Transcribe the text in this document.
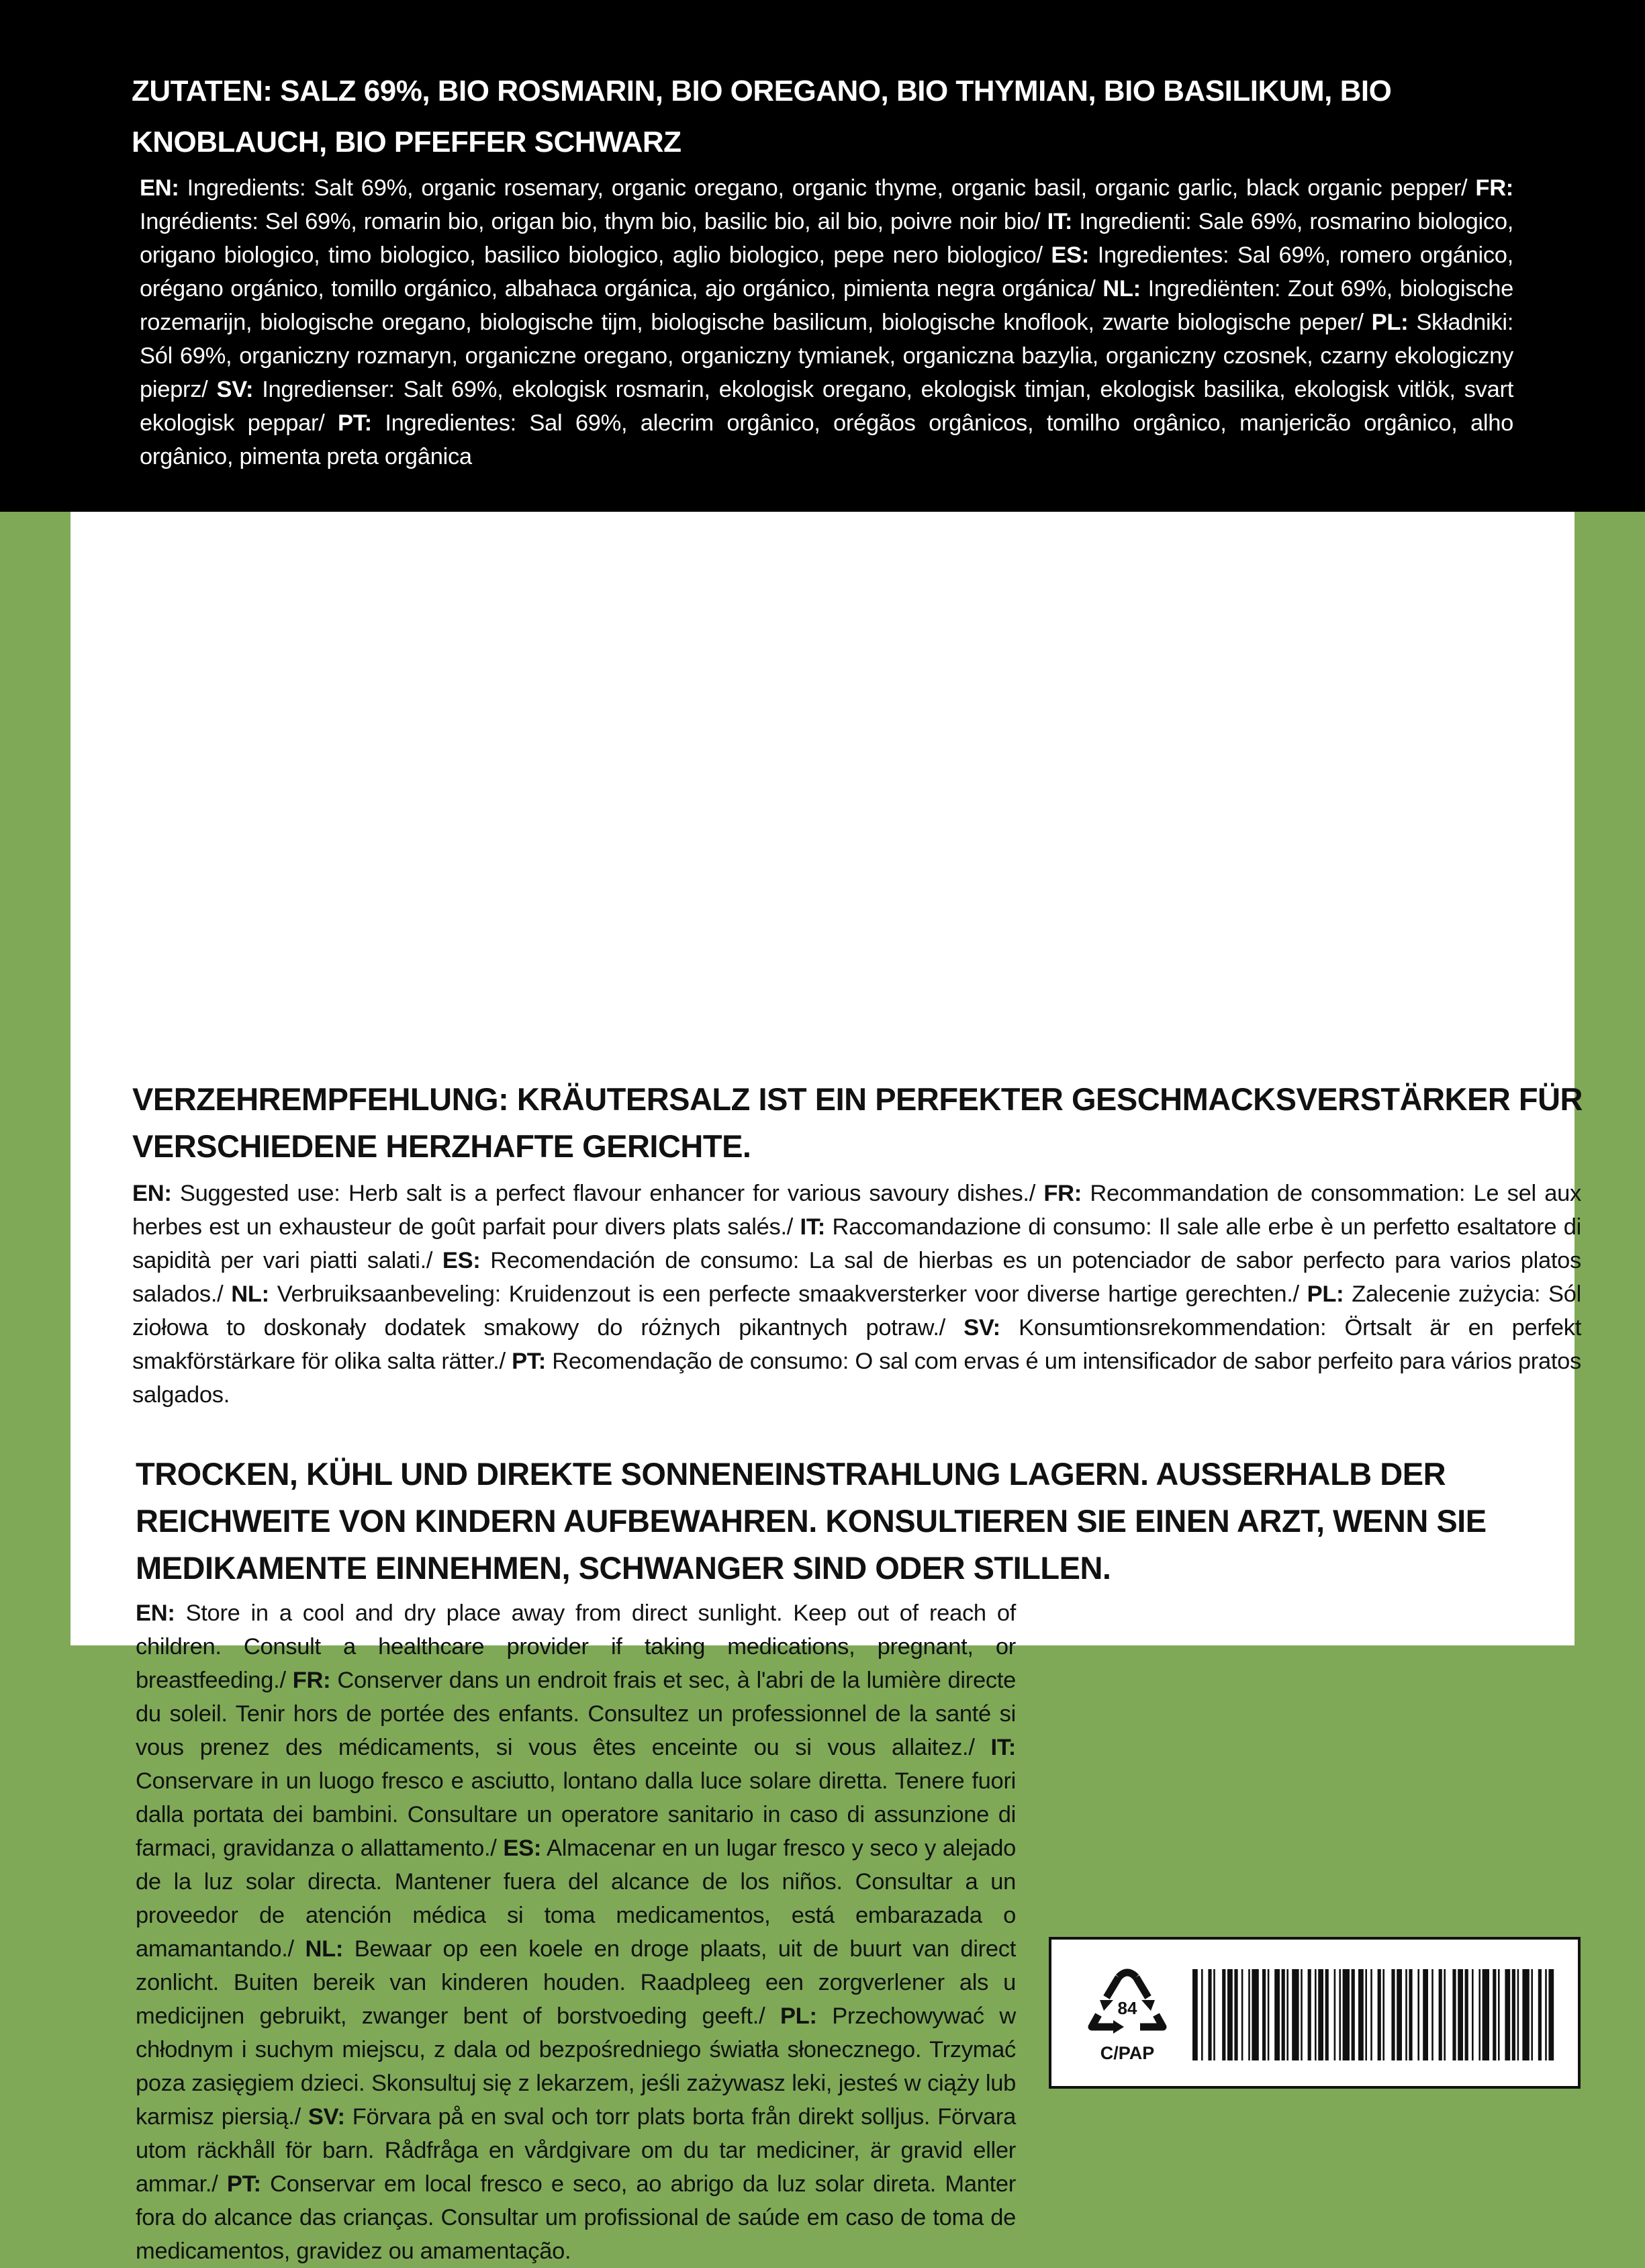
ZUTATEN: SALZ 69%, BIO ROSMARIN, BIO OREGANO, BIO THYMIAN, BIO BASILIKUM, BIO KNOBLAUCH, BIO PFEFFER SCHWARZ
EN: Ingredients: Salt 69%, organic rosemary, organic oregano, organic thyme, organic basil, organic garlic, black organic pepper/ FR: Ingrédients: Sel 69%, romarin bio, origan bio, thym bio, basilic bio, ail bio, poivre noir bio/ IT: Ingredienti: Sale 69%, rosmarino biologico, origano biologico, timo biologico, basilico biologico, aglio biologico, pepe nero biologico/ ES: Ingredientes: Sal 69%, romero orgánico, orégano orgánico, tomillo orgánico, albahaca orgánica, ajo orgánico, pimienta negra orgánica/ NL: Ingrediënten: Zout 69%, biologische rozemarijn, biologische oregano, biologische tijm, biologische basilicum, biologische knoflook, zwarte biologische peper/ PL: Składniki: Sól 69%, organiczny rozmaryn, organiczne oregano, organiczny tymianek, organiczna bazylia, organiczny czosnek, czarny ekologiczny pieprz/ SV: Ingredienser: Salt 69%, ekologisk rosmarin, ekologisk oregano, ekologisk timjan, ekologisk basilika, ekologisk vitlök, svart ekologisk peppar/ PT: Ingredientes: Sal 69%, alecrim orgânico, orégãos orgânicos, tomilho orgânico, manjericão orgânico, alho orgânico, pimenta preta orgânica
VERZEHREMPFEHLUNG: KRÄUTERSALZ IST EIN PERFEKTER GESCHMACKSVERSTÄRKER FÜR VERSCHIEDENE HERZHAFTE GERICHTE.
EN: Suggested use: Herb salt is a perfect flavour enhancer for various savoury dishes./ FR: Recommandation de consommation: Le sel aux herbes est un exhausteur de goût parfait pour divers plats salés./ IT: Raccomandazione di consumo: Il sale alle erbe è un perfetto esaltatore di sapidità per vari piatti salati./ ES: Recomendación de consumo: La sal de hierbas es un potenciador de sabor perfecto para varios platos salados./ NL: Verbruiksaanbeveling: Kruidenzout is een perfecte smaakversterker voor diverse hartige gerechten./ PL: Zalecenie zużycia: Sól ziołowa to doskonały dodatek smakowy do różnych pikantnych potraw./ SV: Konsumtionsrekommendation: Örtsalt är en perfekt smakförstärkare för olika salta rätter./ PT: Recomendação de consumo: O sal com ervas é um intensificador de sabor perfeito para vários pratos salgados.
TROCKEN, KÜHL UND DIREKTE SONNENEINSTRAHLUNG LAGERN. AUSSERHALB DER REICHWEITE VON KINDERN AUFBEWAHREN. KONSULTIEREN SIE EINEN ARZT, WENN SIE MEDIKAMENTE EINNEHMEN, SCHWANGER SIND ODER STILLEN.
EN: Store in a cool and dry place away from direct sunlight. Keep out of reach of children. Consult a healthcare provider if taking medications, pregnant, or breastfeeding./ FR: Conserver dans un endroit frais et sec, à l'abri de la lumière directe du soleil. Tenir hors de portée des enfants. Consultez un professionnel de la santé si vous prenez des médicaments, si vous êtes enceinte ou si vous allaitez./ IT: Conservare in un luogo fresco e asciutto, lontano dalla luce solare diretta. Tenere fuori dalla portata dei bambini. Consultare un operatore sanitario in caso di assunzione di farmaci, gravidanza o allattamento./ ES: Almacenar en un lugar fresco y seco y alejado de la luz solar directa. Mantener fuera del alcance de los niños. Consultar a un proveedor de atención médica si toma medicamentos, está embarazada o amamantando./ NL: Bewaar op een koele en droge plaats, uit de buurt van direct zonlicht. Buiten bereik van kinderen houden. Raadpleeg een zorgverlener als u medicijnen gebruikt, zwanger bent of borstvoeding geeft./ PL: Przechowywać w chłodnym i suchym miejscu, z dala od bezpośredniego światła słonecznego. Trzymać poza zasięgiem dzieci. Skonsultuj się z lekarzem, jeśli zażywasz leki, jesteś w ciąży lub karmisz piersią./ SV: Förvara på en sval och torr plats borta från direkt solljus. Förvara utom räckhåll för barn. Rådfråga en vårdgivare om du tar mediciner, är gravid eller ammar./ PT: Conservar em local fresco e seco, ao abrigo da luz solar direta. Manter fora do alcance das crianças. Consultar um profissional de saúde em caso de toma de medicamentos, gravidez ou amamentação.
84
C/PAP
